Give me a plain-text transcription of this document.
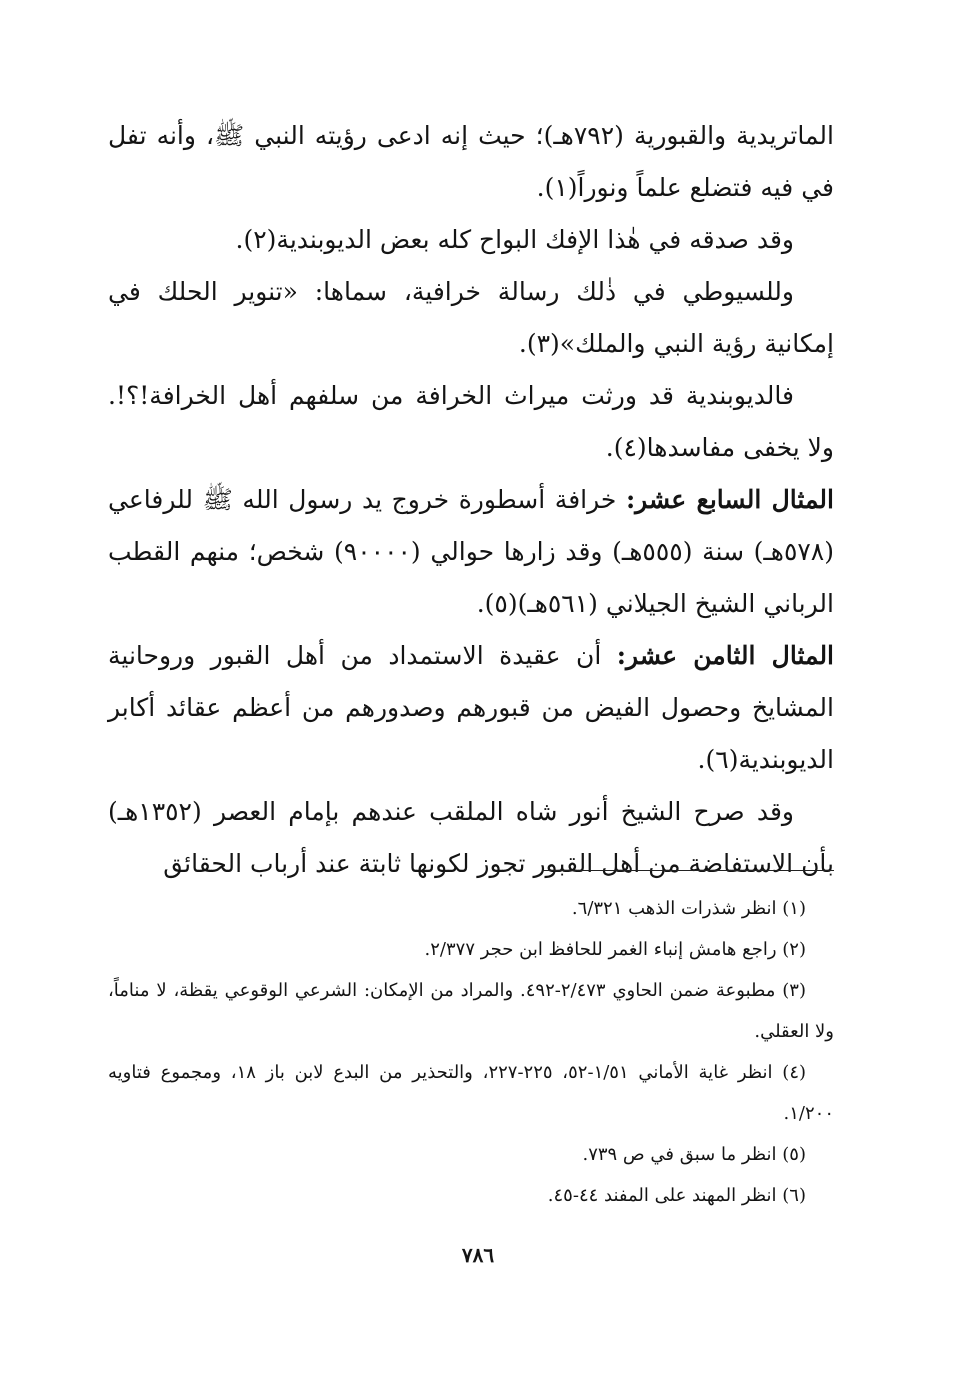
الماتريدية والقبورية (٧٩٢هـ)؛ حيث إنه ادعى رؤيته النبي ﷺ، وأنه تفل في فيه فتضلع علماً ونوراً(١).

وقد صدقه في هٰذا الإفك البواح كله بعض الديوبندية(٢).

وللسيوطي في ذٰلك رسالة خرافية، سماها: «تنوير الحلك في إمكانية رؤية النبي والملك»(٣).

فالديوبندية قد ورثت ميراث الخرافة من سلفهم أهل الخرافة!؟!. ولا يخفى مفاسدها(٤).

المثال السابع عشر: خرافة أسطورة خروج يد رسول الله ﷺ للرفاعي (٥٧٨هـ) سنة (٥٥٥هـ) وقد زارها حوالي (٩٠٠٠٠) شخص؛ منهم القطب الرباني الشيخ الجيلاني (٥٦١هـ)(٥).

المثال الثامن عشر: أن عقيدة الاستمداد من أهل القبور وروحانية المشايخ وحصول الفيض من قبورهم وصدورهم من أعظم عقائد أكابر الديوبندية(٦).

وقد صرح الشيخ أنور شاه الملقب عندهم بإمام العصر (١٣٥٢هـ) بأن الاستفاضة من أهل القبور تجوز لكونها ثابتة عند أرباب الحقائق

(١) انظر شذرات الذهب ٦/٣٢١.

(٢) راجع هامش إنباء الغمر للحافظ ابن حجر ٢/٣٧٧.

(٣) مطبوعة ضمن الحاوي ٢/٤٧٣-٤٩٢. والمراد من الإمكان: الشرعي الوقوعي يقظة، لا مناماً، ولا العقلي.

(٤) انظر غاية الأماني ١/٥١-٥٢، ٢٢٥-٢٢٧، والتحذير من البدع لابن باز ١٨، ومجموع فتاويه ١/٢٠٠.

(٥) انظر ما سبق في ص ٧٣٩.

(٦) انظر المهند على المفند ٤٤-٤٥.

٧٨٦
